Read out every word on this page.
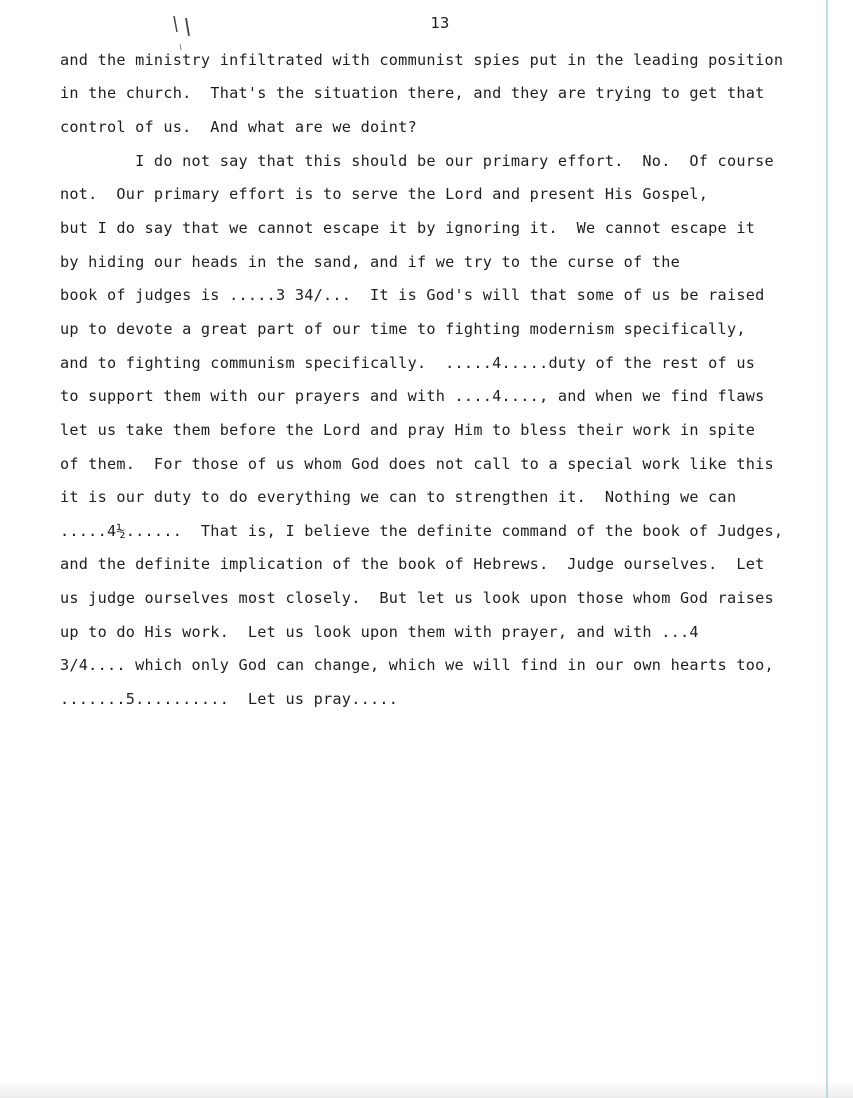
13
and the ministry infiltrated with communist spies put in the leading position
in the church.  That's the situation there, and they are trying to get that
control of us.  And what are we doint?
I do not say that this should be our primary effort.  No.  Of course
not.  Our primary effort is to serve the Lord and present His Gospel,
but I do say that we cannot escape it by ignoring it.  We cannot escape it
by hiding our heads in the sand, and if we try to the curse of the
book of judges is .....3 34/...  It is God's will that some of us be raised
up to devote a great part of our time to fighting modernism specifically,
and to fighting communism specifically.  .....4.....duty of the rest of us
to support them with our prayers and with ....4...., and when we find flaws
let us take them before the Lord and pray Him to bless their work in spite
of them.  For those of us whom God does not call to a special work like this
it is our duty to do everything we can to strengthen it.  Nothing we can
.....4½......  That is, I believe the definite command of the book of Judges,
and the definite implication of the book of Hebrews.  Judge ourselves.  Let
us judge ourselves most closely.  But let us look upon those whom God raises
up to do His work.  Let us look upon them with prayer, and with ...4
3/4.... which only God can change, which we will find in our own hearts too,
.......5..........  Let us pray.....
